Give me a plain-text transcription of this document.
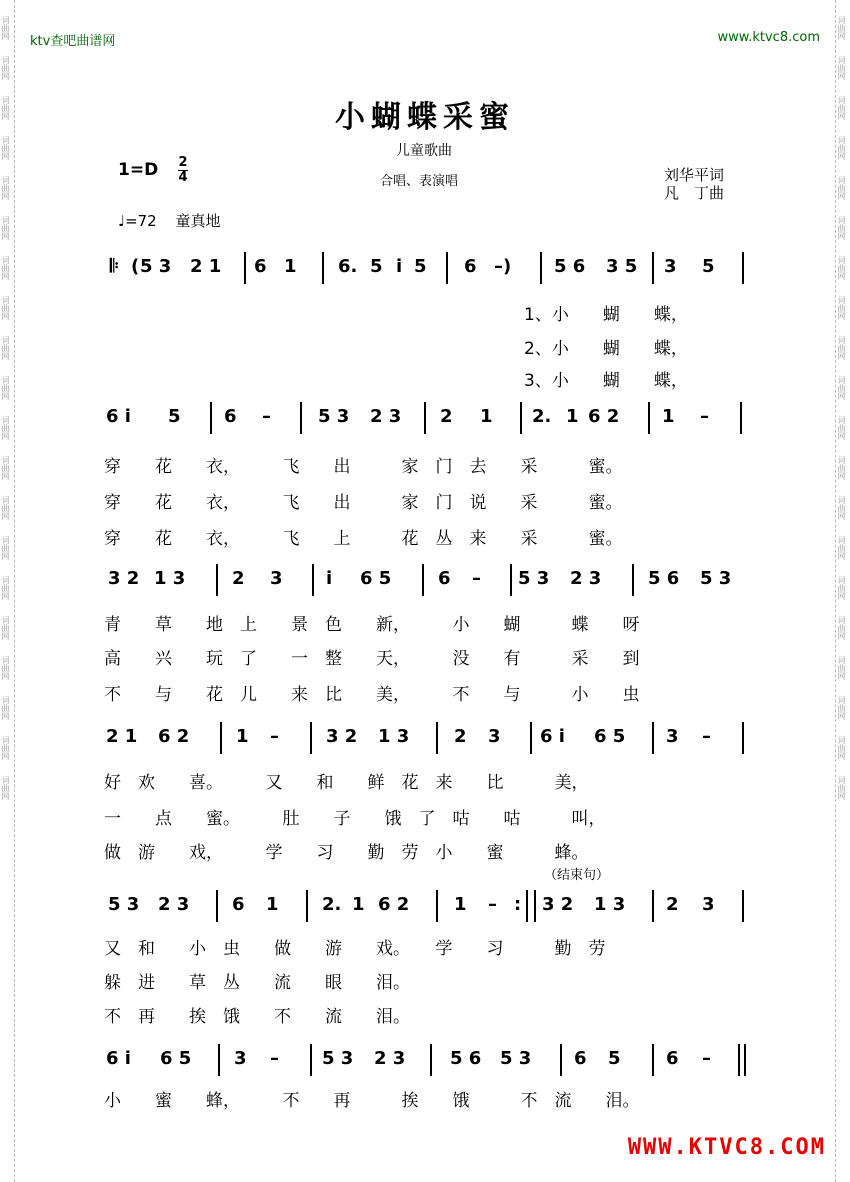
词曲网
词曲网
词曲网
词曲网
词曲网
词曲网
词曲网
词曲网
词曲网
词曲网
词曲网
词曲网
词曲网
词曲网
词曲网
词曲网
词曲网
词曲网
词曲网
词曲网
词曲网
词曲网
词曲网
词曲网
词曲网
词曲网
词曲网
词曲网
词曲网
词曲网
词曲网
词曲网
词曲网
词曲网
词曲网
词曲网
词曲网
词曲网
词曲网
词曲网
ktv查吧曲谱网	www.ktvc8.com
小蝴蝶采蜜
儿童歌曲
合唱、表演唱
1=D 2
4	刘华平词
凡　丁曲
♩=72 童真地
（结束句）
𝄆 ( 5 3 2 1 6 1 6. 5 i 5 6 –) 5 6 3 5 3 5
6 i 5 6 –	5 3 2 3 2 1 2. 1 6 2 1 –
3 2 1 3	2 3 i 6 5	6 – 5 3 2 3	5 6 5 3
2 1 6 2	1 –	3 2 1 3 2 3 6 i 6 5 3 –
5 3 2 3 6 1 2. 1 6 2 1 – : 3 2 1 3 2 3
6 i 6 5 3 – 5 3 2 3 5 6 5 3 6 5	6 –
1、小　　蝴　　蝶，
2、小　　蝴　　蝶，
3、小　　蝴　　蝶，
穿　　花　　衣，　　　飞　　出　　　家　门　去　　采　　　蜜。
穿　　花　　衣，　　　飞　　出　　　家　门　说　　采　　　蜜。
穿　　花　　衣，　　　飞　　上　　　花　丛　来　　采　　　蜜。
青　　草　　地　上　　景　色　　新，　　　小　　蝴　　　蝶　　呀
高　　兴　　玩　了　　一　整　　天，　　　没　　有　　　采　　到
不　　与　　花　儿　　来　比　　美，　　　不　　与　　　小　　虫
好　欢　　喜。　　　又　　和　　鲜　花　来　　比　　　美，
一　　点　　蜜。　　　肚　　子　　饿　了　咕　　咕　　　叫，
做　游　　戏，　　　学　　习　　勤　劳　小　　蜜　　　蜂。
又　和　　小　虫　　做　　游　　戏。　　学　　习　　　勤　劳
躲　进　　草　丛　　流　　眼　　泪。
不　再　　挨　饿　　不　　流　　泪。
小　　蜜　　蜂，　　　不　　再　　　挨　　饿　　　不　流　　泪。
WWW.KTVC8.COM
